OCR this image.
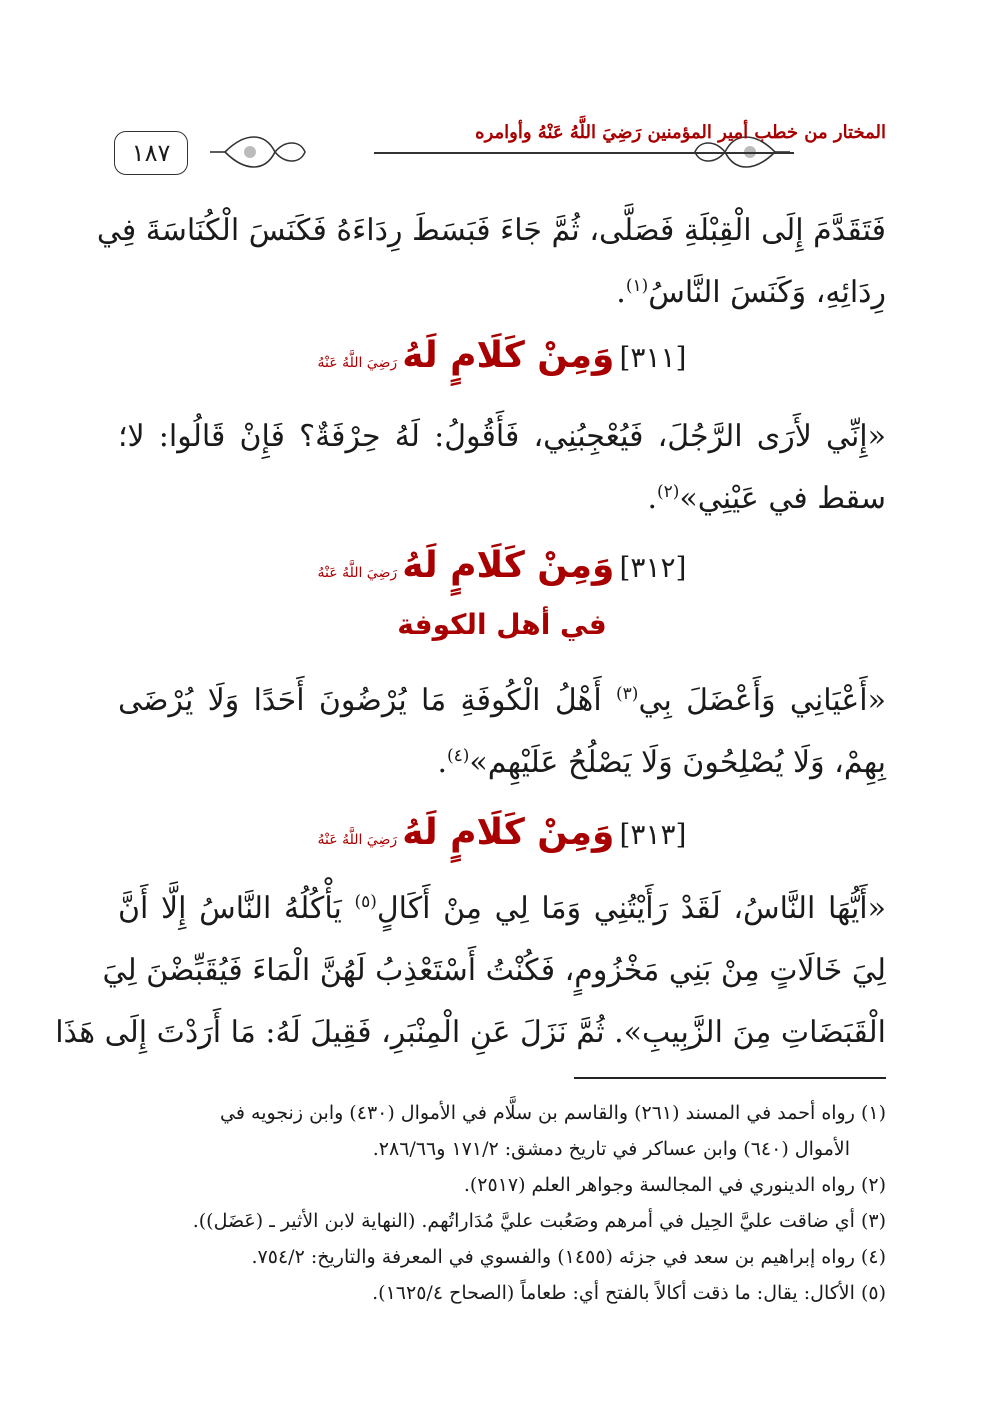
١٨٧
المختار من خطب أمير المؤمنين رَضِيَ اللَّهُ عَنْهُ وأوامره
فَتَقَدَّمَ إِلَى الْقِبْلَةِ فَصَلَّى، ثُمَّ جَاءَ فَبَسَطَ رِدَاءَهُ فَكَنَسَ الْكُنَاسَةَ فِي
رِدَائِهِ، وَكَنَسَ النَّاسُ$^{(١)}$.
[٣١١] وَمِنْ كَلَامٍ لَهُ رَضِيَ اللَّهُ عَنْهُ
«إِنِّي لأَرَى الرَّجُلَ، فَيُعْجِبُنِي، فَأَقُولُ: لَهُ حِرْفَةٌ؟ فَإِنْ قَالُوا: لا؛
سقط في عَيْنِي»$^{(٢)}$.
[٣١٢] وَمِنْ كَلَامٍ لَهُ رَضِيَ اللَّهُ عَنْهُ
في أهل الكوفة
«أَعْيَانِي وَأَعْضَلَ بِي$^{(٣)}$ أَهْلُ الْكُوفَةِ مَا يُرْضُونَ أَحَدًا وَلَا يُرْضَى
بِهِمْ، وَلَا يُصْلِحُونَ وَلَا يَصْلُحُ عَلَيْهِم»$^{(٤)}$.
[٣١٣] وَمِنْ كَلَامٍ لَهُ رَضِيَ اللَّهُ عَنْهُ
«أَيُّهَا النَّاسُ، لَقَدْ رَأَيْتُنِي وَمَا لِي مِنْ أَكَالٍ$^{(٥)}$ يَأْكُلُهُ النَّاسُ إِلَّا أَنَّ
لِيَ خَالَاتٍ مِنْ بَنِي مَخْزُومٍ، فَكُنْتُ أَسْتَعْذِبُ لَهُنَّ الْمَاءَ فَيُقَبِّضْنَ لِيَ
الْقَبَضَاتِ مِنَ الزَّبِيبِ». ثُمَّ نَزَلَ عَنِ الْمِنْبَرِ، فَقِيلَ لَهُ: مَا أَرَدْتَ إِلَى هَذَا
(١) رواه أحمد في المسند (٢٦١) والقاسم بن سلَّام في الأموال (٤٣٠) وابن زنجويه في
الأموال (٦٤٠) وابن عساكر في تاريخ دمشق: ١٧١/٢ و٢٨٦/٦٦.
(٢) رواه الدينوري في المجالسة وجواهر العلم (٢٥١٧).
(٣) أي ضاقت عليَّ الحِيل في أمرهم وصَعُبت عليَّ مُدَاراتُهم. (النهاية لابن الأثير ـ (عَضَل)).
(٤) رواه إبراهيم بن سعد في جزئه (١٤٥٥) والفسوي في المعرفة والتاريخ: ٧٥٤/٢.
(٥) الأكال: يقال: ما ذقت أكالاً بالفتح أي: طعاماً (الصحاح ١٦٢٥/٤).
